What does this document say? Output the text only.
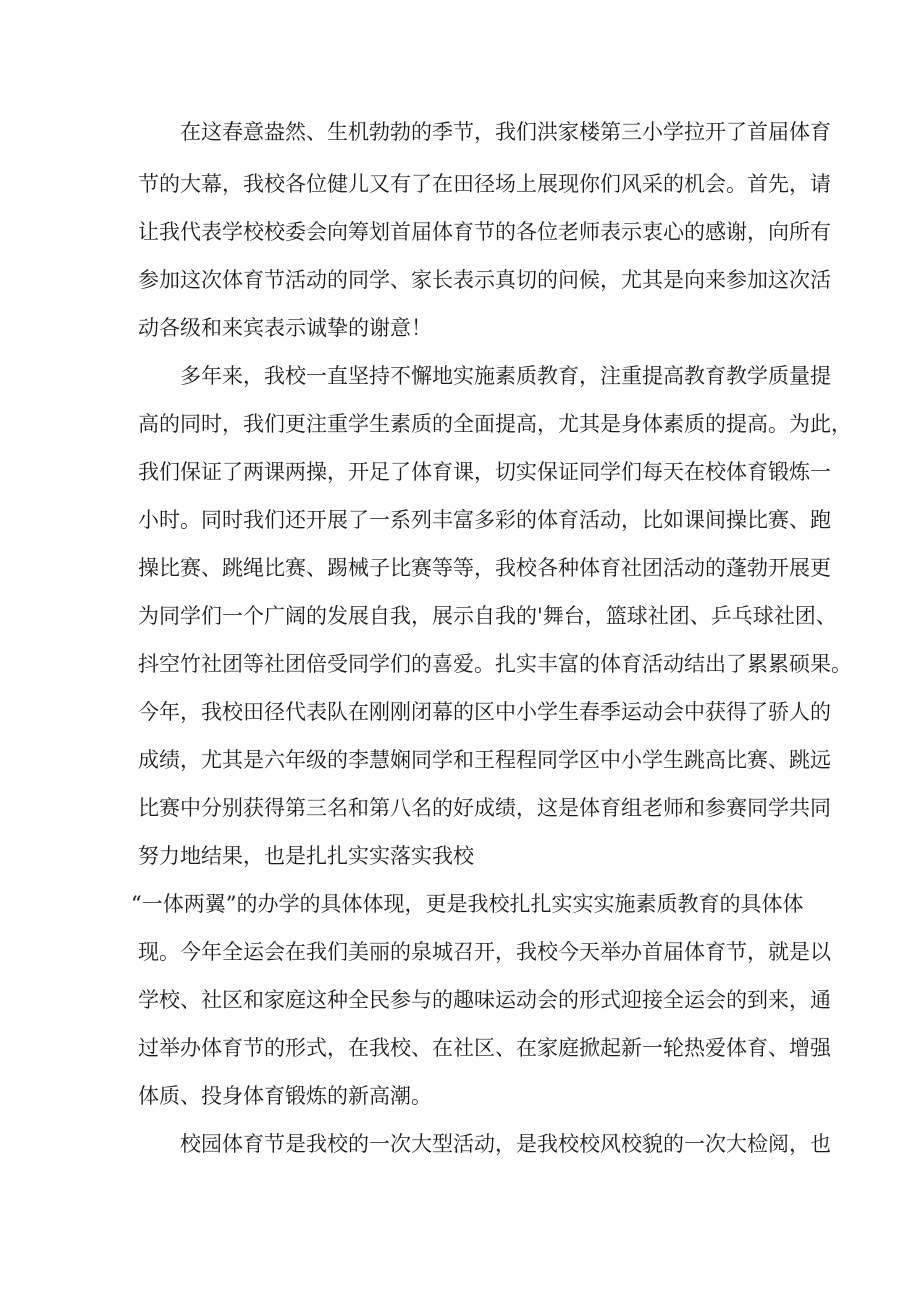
在这春意盎然、生机勃勃的季节，我们洪家楼第三小学拉开了首届体育
节的大幕，我校各位健儿又有了在田径场上展现你们风采的机会。首先，请
让我代表学校校委会向筹划首届体育节的各位老师表示衷心的感谢，向所有
参加这次体育节活动的同学、家长表示真切的问候，尤其是向来参加这次活
动各级和来宾表示诚挚的谢意！
多年来，我校一直坚持不懈地实施素质教育，注重提高教育教学质量提
高的同时，我们更注重学生素质的全面提高，尤其是身体素质的提高。为此，
我们保证了两课两操，开足了体育课，切实保证同学们每天在校体育锻炼一
小时。同时我们还开展了一系列丰富多彩的体育活动，比如课间操比赛、跑
操比赛、跳绳比赛、踢械子比赛等等，我校各种体育社团活动的蓬勃开展更
为同学们一个广阔的发展自我，展示自我的'舞台，篮球社团、乒乓球社团、
抖空竹社团等社团倍受同学们的喜爱。扎实丰富的体育活动结出了累累硕果。
今年，我校田径代表队在刚刚闭幕的区中小学生春季运动会中获得了骄人的
成绩，尤其是六年级的李慧娴同学和王程程同学区中小学生跳高比赛、跳远
比赛中分别获得第三名和第八名的好成绩，这是体育组老师和参赛同学共同
努力地结果，也是扎扎实实落实我校
“一体两翼”的办学的具体体现，更是我校扎扎实实实施素质教育的具体体
现。今年全运会在我们美丽的泉城召开，我校今天举办首届体育节，就是以
学校、社区和家庭这种全民参与的趣味运动会的形式迎接全运会的到来，通
过举办体育节的形式，在我校、在社区、在家庭掀起新一轮热爱体育、增强
体质、投身体育锻炼的新高潮。
校园体育节是我校的一次大型活动，是我校校风校貌的一次大检阅，也
